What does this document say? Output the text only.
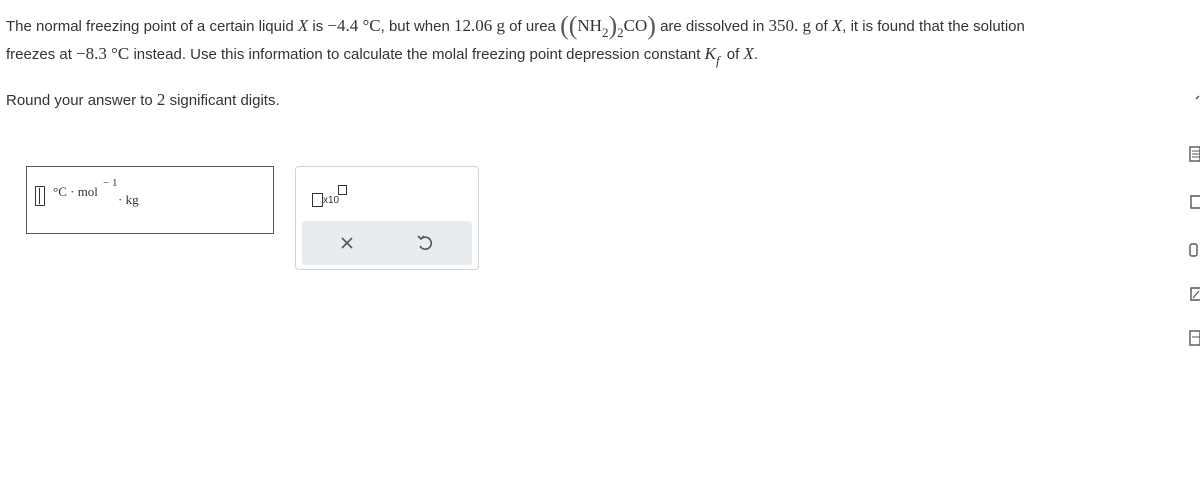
The normal freezing point of a certain liquid X is −4.4 °C, but when 12.06 g of urea ((NH2)2CO) are dissolved in 350. g of X, it is found that the solution
freezes at −8.3 °C instead. Use this information to calculate the molal freezing point depression constant Kf of X.
Round your answer to 2 significant digits.
°C · mol
− 1
· kg	x10
